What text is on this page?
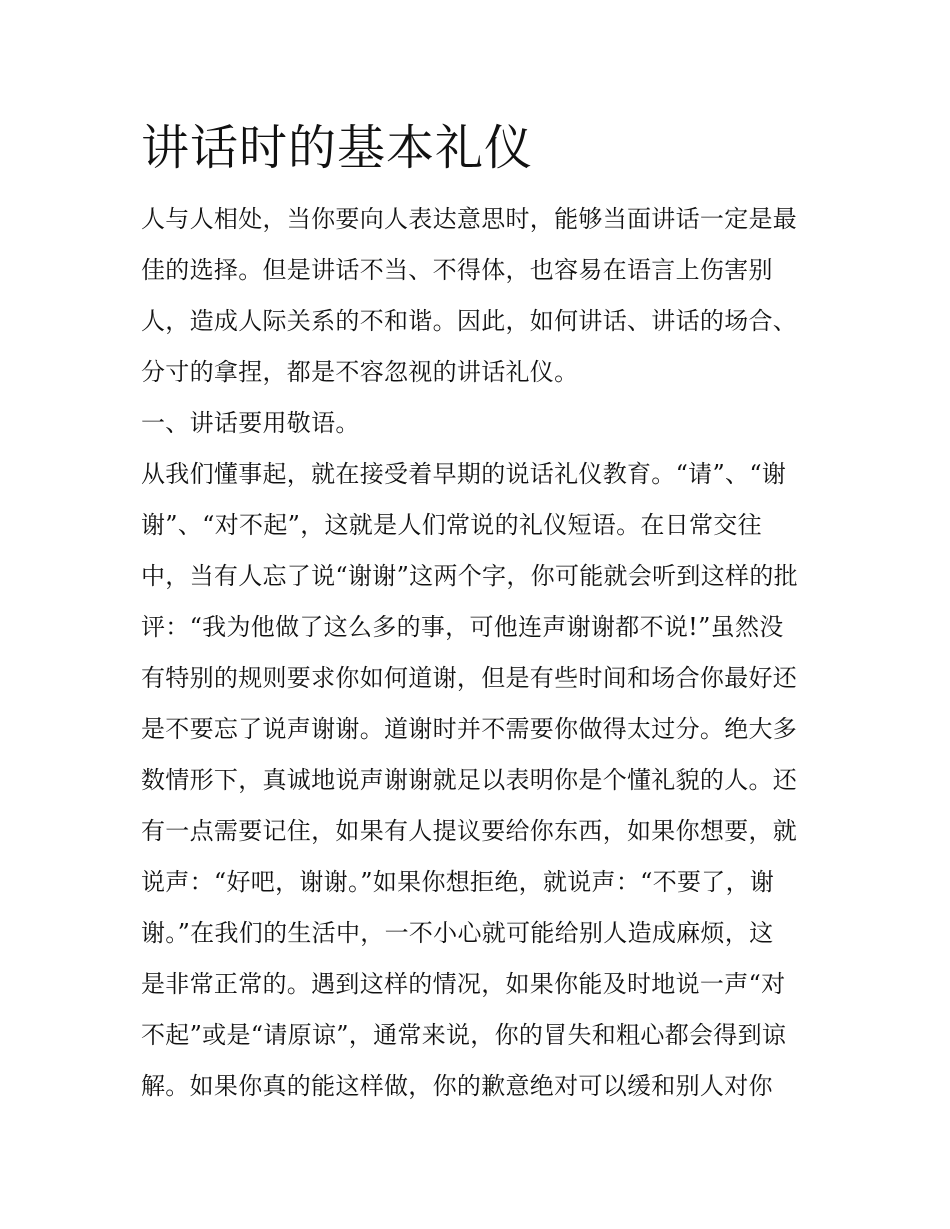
讲话时的基本礼仪
人与人相处，当你要向人表达意思时，能够当面讲话一定是最
佳的选择。但是讲话不当、不得体，也容易在语言上伤害别
人，造成人际关系的不和谐。因此，如何讲话、讲话的场合、
分寸的拿捏，都是不容忽视的讲话礼仪。
一、讲话要用敬语。
从我们懂事起，就在接受着早期的说话礼仪教育。“请”、“谢
谢”、“对不起”，这就是人们常说的礼仪短语。在日常交往
中，当有人忘了说“谢谢”这两个字，你可能就会听到这样的批
评：“我为他做了这么多的事，可他连声谢谢都不说!”虽然没
有特别的规则要求你如何道谢，但是有些时间和场合你最好还
是不要忘了说声谢谢。道谢时并不需要你做得太过分。绝大多
数情形下，真诚地说声谢谢就足以表明你是个懂礼貌的人。还
有一点需要记住，如果有人提议要给你东西，如果你想要，就
说声：“好吧，谢谢。”如果你想拒绝，就说声：“不要了，谢
谢。”在我们的生活中，一不小心就可能给别人造成麻烦，这
是非常正常的。遇到这样的情况，如果你能及时地说一声“对
不起”或是“请原谅”，通常来说，你的冒失和粗心都会得到谅
解。如果你真的能这样做，你的歉意绝对可以缓和别人对你
